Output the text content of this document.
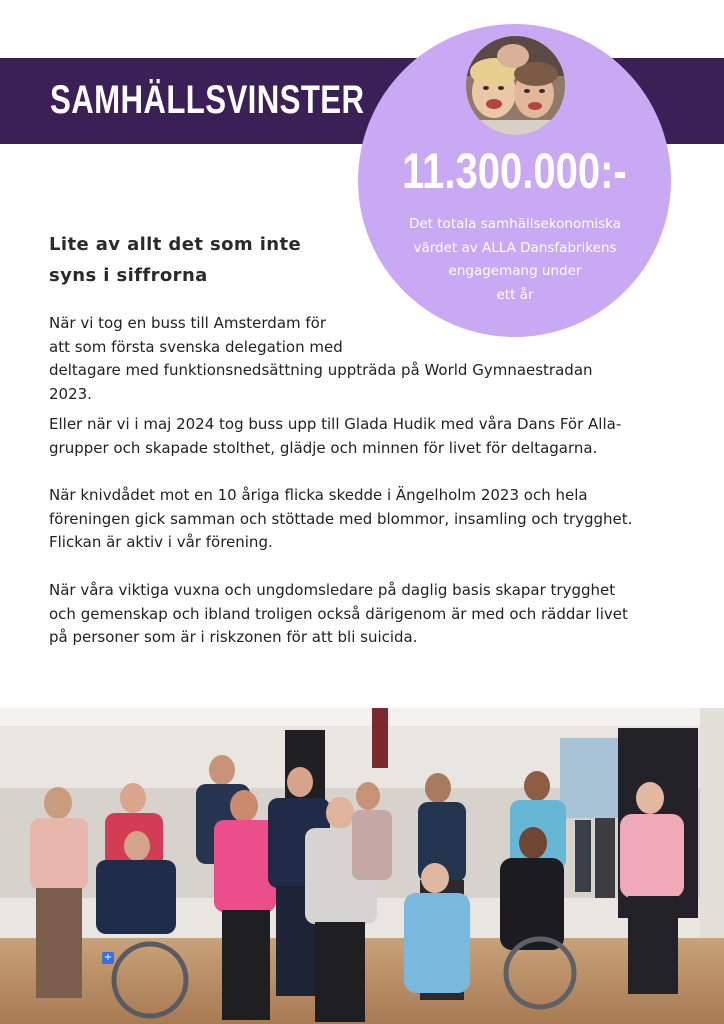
SAMHÄLLSVINSTER
11.300.000:-

Det totala samhällsekonomiska
värdet av ALLA Dansfabrikens
engagemang under
ett år

Lite av allt det som inte
syns i siffrorna

När vi tog en buss till Amsterdam för
att som första svenska delegation med
deltagare med funktionsnedsättning uppträda på World Gymnaestradan
2023.

Eller när vi i maj 2024 tog buss upp till Glada Hudik med våra Dans För Alla-
grupper och skapade stolthet, glädje och minnen för livet för deltagarna.

När knivdådet mot en 10 åriga flicka skedde i Ängelholm 2023 och hela
föreningen gick samman och stöttade med blommor, insamling och trygghet.
Flickan är aktiv i vår förening.

När våra viktiga vuxna och ungdomsledare på daglig basis skapar trygghet
och gemenskap och ibland troligen också därigenom är med och räddar livet
på personer som är i riskzonen för att bli suicida.

+
